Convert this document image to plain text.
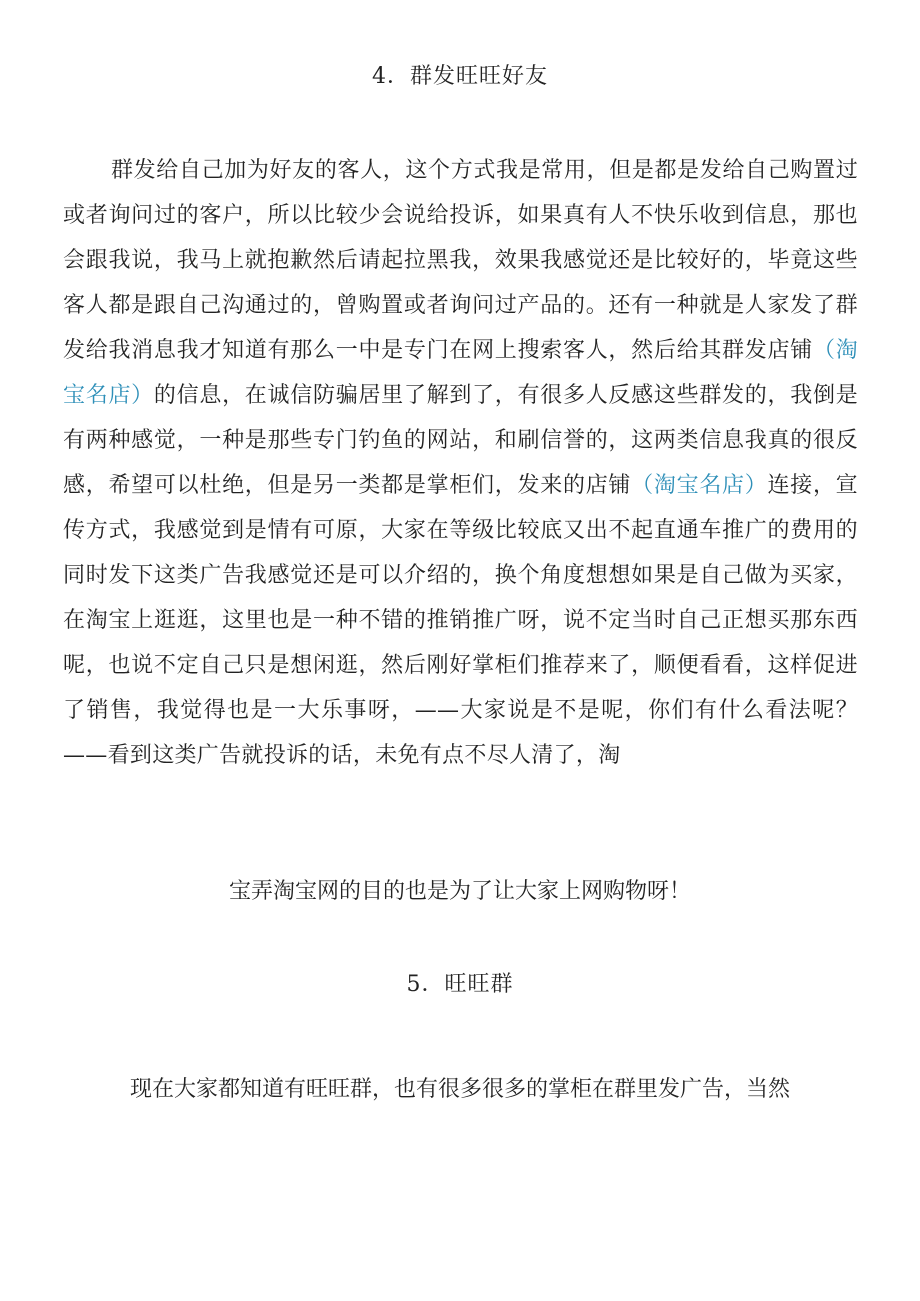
4．群发旺旺好友

群发给自己加为好友的客人，这个方式我是常用，但是都是发给自己购置过或者询问过的客户，所以比较少会说给投诉，如果真有人不快乐收到信息，那也会跟我说，我马上就抱歉然后请起拉黑我，效果我感觉还是比较好的，毕竟这些客人都是跟自己沟通过的，曾购置或者询问过产品的。还有一种就是人家发了群发给我消息我才知道有那么一中是专门在网上搜索客人，然后给其群发店铺（淘宝名店）的信息，在诚信防骗居里了解到了，有很多人反感这些群发的，我倒是有两种感觉，一种是那些专门钓鱼的网站，和刷信誉的，这两类信息我真的很反感，希望可以杜绝，但是另一类都是掌柜们，发来的店铺（淘宝名店）连接，宣传方式，我感觉到是情有可原，大家在等级比较底又出不起直通车推广的费用的同时发下这类广告我感觉还是可以介绍的，换个角度想想如果是自己做为买家，在淘宝上逛逛，这里也是一种不错的推销推广呀，说不定当时自己正想买那东西呢，也说不定自己只是想闲逛，然后刚好掌柜们推荐来了，顺便看看，这样促进了销售，我觉得也是一大乐事呀，——大家说是不是呢，你们有什么看法呢？——看到这类广告就投诉的话，未免有点不尽人清了，淘

宝弄淘宝网的目的也是为了让大家上网购物呀！
5．旺旺群
现在大家都知道有旺旺群，也有很多很多的掌柜在群里发广告，当然
